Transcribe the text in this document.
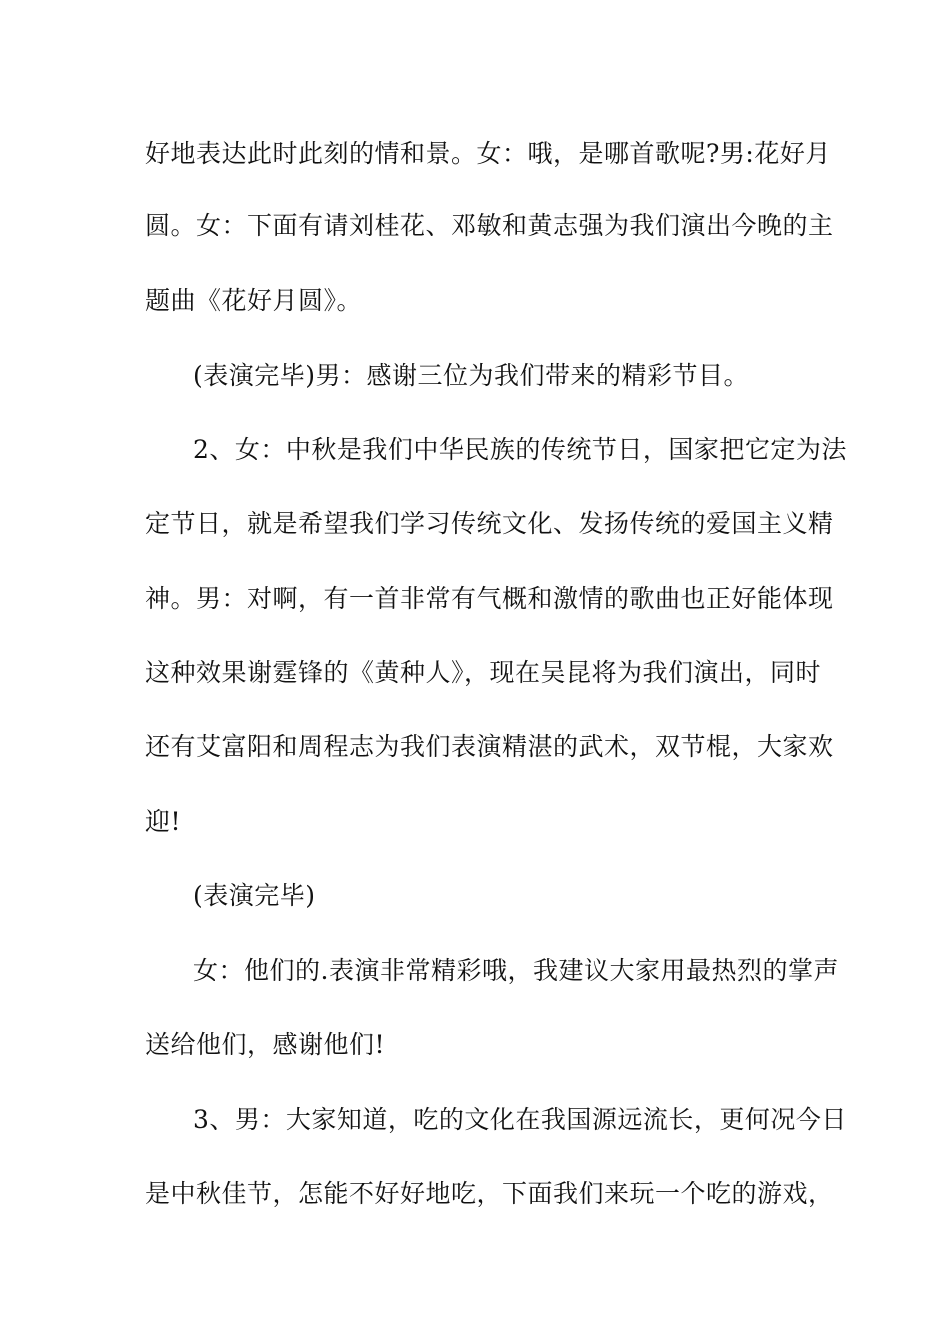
好地表达此时此刻的情和景。女：哦，是哪首歌呢?男:花好月
圆。女：下面有请刘桂花、邓敏和黄志强为我们演出今晚的主
题曲《花好月圆》。
(表演完毕)男：感谢三位为我们带来的精彩节目。
2、女：中秋是我们中华民族的传统节日，国家把它定为法
定节日，就是希望我们学习传统文化、发扬传统的爱国主义精
神。男：对啊，有一首非常有气概和激情的歌曲也正好能体现
这种效果谢霆锋的《黄种人》，现在吴昆将为我们演出，同时
还有艾富阳和周程志为我们表演精湛的武术，双节棍，大家欢
迎!
(表演完毕)
女：他们的.表演非常精彩哦，我建议大家用最热烈的掌声
送给他们，感谢他们!
3、男：大家知道，吃的文化在我国源远流长，更何况今日
是中秋佳节，怎能不好好地吃，下面我们来玩一个吃的游戏，
